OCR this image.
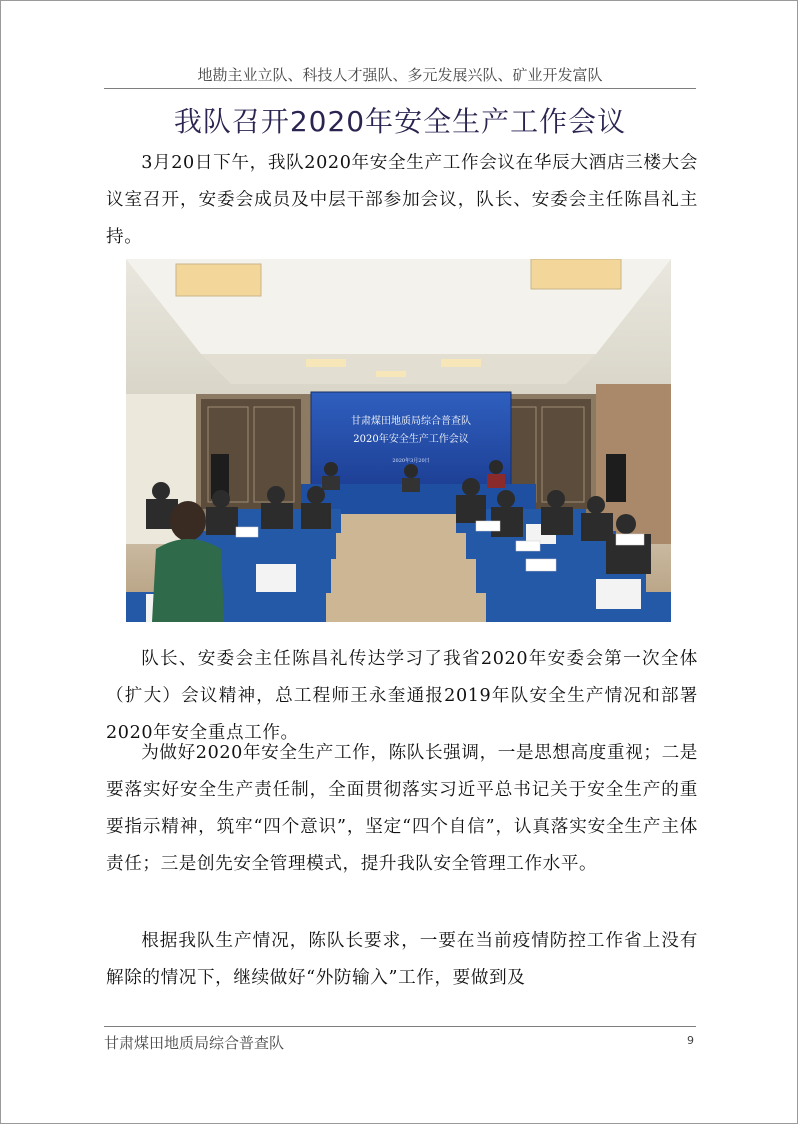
地勘主业立队、科技人才强队、多元发展兴队、矿业开发富队
我队召开2020年安全生产工作会议

3月20日下午，我队2020年安全生产工作会议在华辰大酒店三楼大会议室召开，安委会成员及中层干部参加会议，队长、安委会主任陈昌礼主持。

甘肃煤田地质局综合普查队
2020年安全生产工作会议
2020年3月20日

队长、安委会主任陈昌礼传达学习了我省2020年安委会第一次全体（扩大）会议精神，总工程师王永奎通报2019年队安全生产情况和部署2020年安全重点工作。

为做好2020年安全生产工作，陈队长强调，一是思想高度重视；二是要落实好安全生产责任制，全面贯彻落实习近平总书记关于安全生产的重要指示精神，筑牢“四个意识”，坚定“四个自信”，认真落实安全生产主体责任；三是创先安全管理模式，提升我队安全管理工作水平。

根据我队生产情况，陈队长要求，一要在当前疫情防控工作省上没有解除的情况下，继续做好“外防输入”工作，要做到及

甘肃煤田地质局综合普查队	9
